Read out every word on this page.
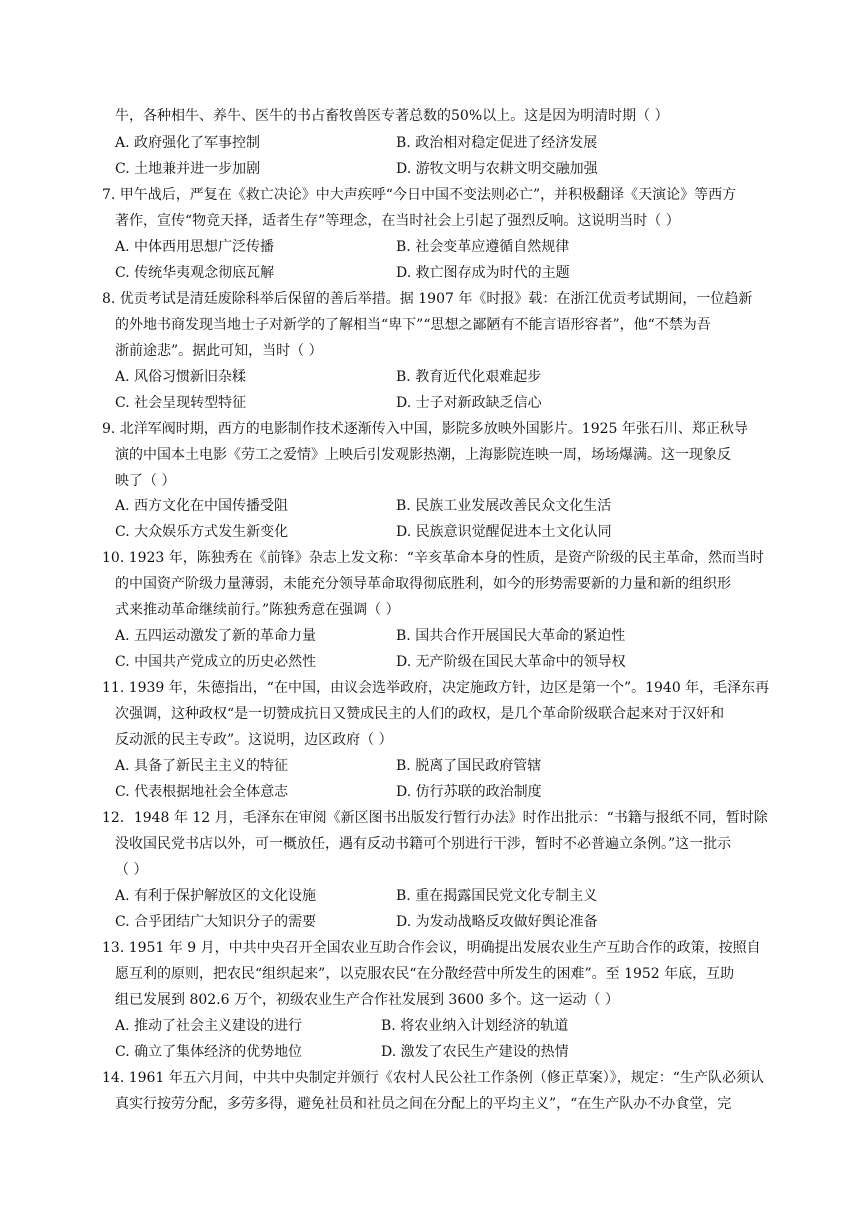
牛，各种相牛、养牛、医牛的书占畜牧兽医专著总数的50%以上。这是因为明清时期（ ）
A. 政府强化了军事控制	B. 政治相对稳定促进了经济发展
C. 土地兼并进一步加剧	D. 游牧文明与农耕文明交融加强
7. 甲午战后，严复在《救亡决论》中大声疾呼“今日中国不变法则必亡”，并积极翻译《天演论》等西方
著作，宣传“物竞天择，适者生存”等理念，在当时社会上引起了强烈反响。这说明当时（ ）
A. 中体西用思想广泛传播	B. 社会变革应遵循自然规律
C. 传统华夷观念彻底瓦解	D. 救亡图存成为时代的主题
8. 优贡考试是清廷废除科举后保留的善后举措。据 1907 年《时报》载：在浙江优贡考试期间，一位趋新
的外地书商发现当地士子对新学的了解相当“卑下”“思想之鄙陋有不能言语形容者”，他“不禁为吾
浙前途悲”。据此可知，当时（ ）
A. 风俗习惯新旧杂糅	B. 教育近代化艰难起步
C. 社会呈现转型特征	D. 士子对新政缺乏信心
9. 北洋军阀时期，西方的电影制作技术逐渐传入中国，影院多放映外国影片。1925 年张石川、郑正秋导
演的中国本土电影《劳工之爱情》上映后引发观影热潮，上海影院连映一周，场场爆满。这一现象反
映了（ ）
A. 西方文化在中国传播受阻	B. 民族工业发展改善民众文化生活
C. 大众娱乐方式发生新变化	D. 民族意识觉醒促进本土文化认同
10. 1923 年，陈独秀在《前锋》杂志上发文称：“辛亥革命本身的性质，是资产阶级的民主革命，然而当时
的中国资产阶级力量薄弱，未能充分领导革命取得彻底胜利，如今的形势需要新的力量和新的组织形
式来推动革命继续前行。”陈独秀意在强调（ ）
A. 五四运动激发了新的革命力量	B. 国共合作开展国民大革命的紧迫性
C. 中国共产党成立的历史必然性	D. 无产阶级在国民大革命中的领导权
11. 1939 年，朱德指出，“在中国，由议会选举政府，决定施政方针，边区是第一个”。1940 年，毛泽东再
次强调，这种政权“是一切赞成抗日又赞成民主的人们的政权，是几个革命阶级联合起来对于汉奸和
反动派的民主专政”。这说明，边区政府（ ）
A. 具备了新民主主义的特征	B. 脱离了国民政府管辖
C. 代表根据地社会全体意志	D. 仿行苏联的政治制度
12．1948 年 12 月，毛泽东在审阅《新区图书出版发行暂行办法》时作出批示：“书籍与报纸不同，暂时除
没收国民党书店以外，可一概放任，遇有反动书籍可个别进行干涉，暂时不必普遍立条例。”这一批示
（ ）
A. 有利于保护解放区的文化设施	B. 重在揭露国民党文化专制主义
C. 合乎团结广大知识分子的需要	D. 为发动战略反攻做好舆论准备
13. 1951 年 9 月，中共中央召开全国农业互助合作会议，明确提出发展农业生产互助合作的政策，按照自
愿互利的原则，把农民“组织起来”，以克服农民“在分散经营中所发生的困难”。至 1952 年底，互助
组已发展到 802.6 万个，初级农业生产合作社发展到 3600 多个。这一运动（ ）
A. 推动了社会主义建设的进行	B. 将农业纳入计划经济的轨道
C. 确立了集体经济的优势地位	D. 激发了农民生产建设的热情
14. 1961 年五六月间，中共中央制定并颁行《农村人民公社工作条例（修正草案）》，规定：“生产队必须认
真实行按劳分配，多劳多得，避免社员和社员之间在分配上的平均主义”，“在生产队办不办食堂，完
